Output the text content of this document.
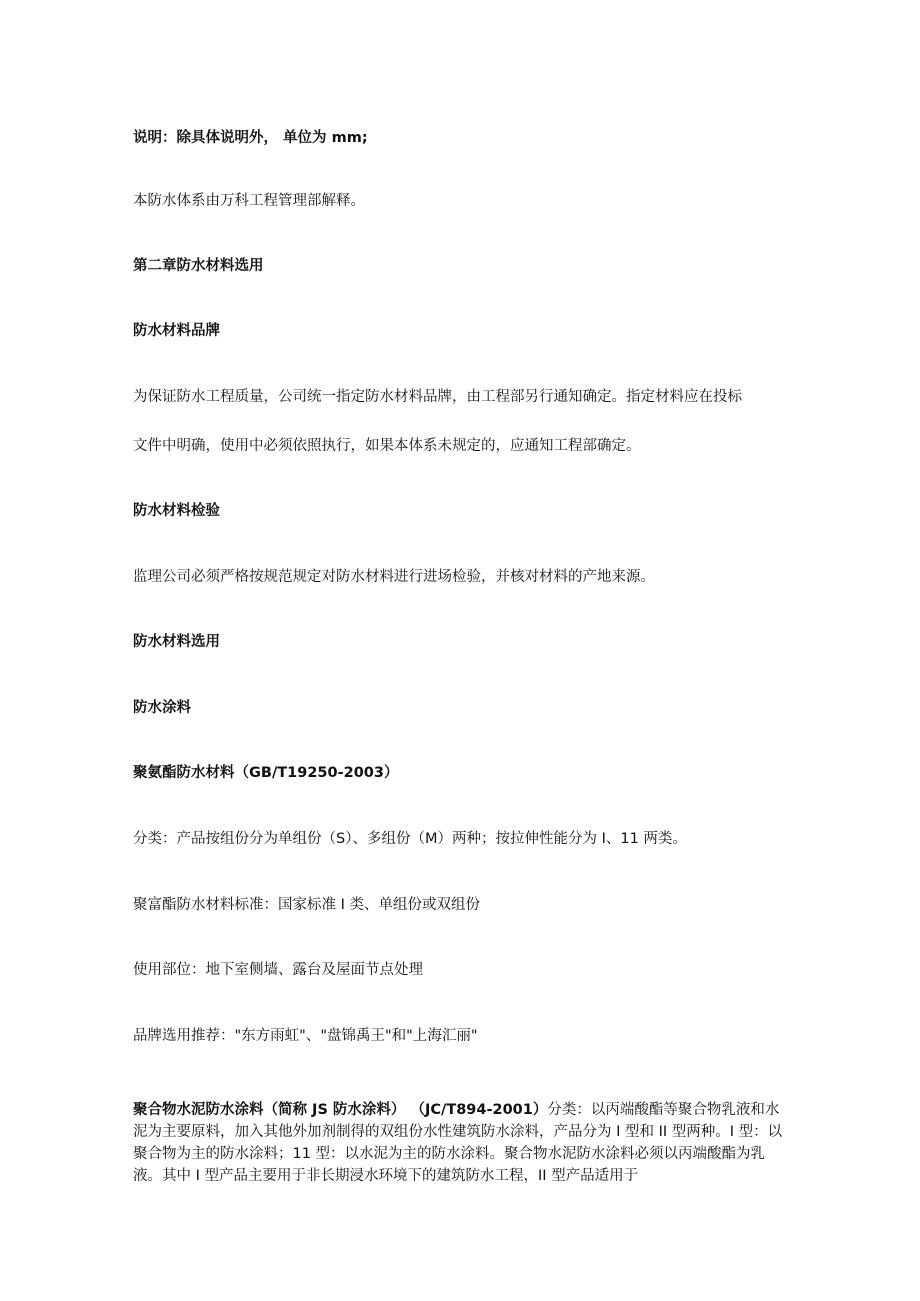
说明：除具体说明外， 单位为 mm;

本防水体系由万科工程管理部解释。

第二章防水材料选用

防水材料品牌

为保证防水工程质量，公司统一指定防水材料品牌，由工程部另行通知确定。指定材料应在投标

文件中明确，使用中必须依照执行，如果本体系未规定的，应通知工程部确定。

防水材料检验

监理公司必须严格按规范规定对防水材料进行进场检验，并核对材料的产地来源。

防水材料选用

防水涂料

聚氨酯防水材料（GB/T19250-2003）

分类：产品按组份分为单组份（S）、多组份（M）两种；按拉伸性能分为 I、11 两类。

聚富酯防水材料标准：国家标准 I 类、单组份或双组份

使用部位：地下室侧墙、露台及屋面节点处理

品牌选用推荐："东方雨虹"、"盘锦禹王"和"上海汇丽"

聚合物水泥防水涂料（简称 JS 防水涂料） （JC/T894-2001）分类：以丙端酸酯等聚合物乳液和水泥为主要原料，加入其他外加剂制得的双组份水性建筑防水涂料，产品分为 I 型和 II 型两种。I 型：以聚合物为主的防水涂料；11 型：以水泥为主的防水涂料。聚合物水泥防水涂料必须以丙端酸酯为乳液。其中 I 型产品主要用于非长期浸水环境下的建筑防水工程，II 型产品适用于
